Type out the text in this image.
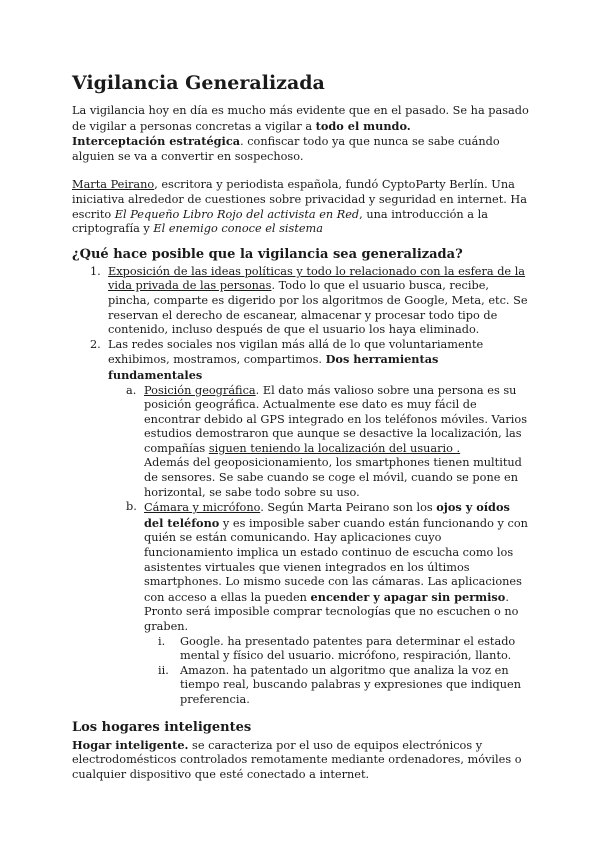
Vigilancia Generalizada

La vigilancia hoy en día es mucho más evidente que en el pasado. Se ha pasado de vigilar a personas concretas a vigilar a todo el mundo.
Interceptación estratégica. confiscar todo ya que nunca se sabe cuándo alguien se va a convertir en sospechoso.

Marta Peirano, escritora y periodista española, fundó CyptoParty Berlín. Una iniciativa alrededor de cuestiones sobre privacidad y seguridad en internet. Ha escrito El Pequeño Libro Rojo del activista en Red, una introducción a la criptografía y El enemigo conoce el sistema

¿Qué hace posible que la vigilancia sea generalizada?
1. Exposición de las ideas políticas y todo lo relacionado con la esfera de la vida privada de las personas. Todo lo que el usuario busca, recibe, pincha, comparte es digerido por los algoritmos de Google, Meta, etc. Se reservan el derecho de escanear, almacenar y procesar todo tipo de contenido, incluso después de que el usuario los haya eliminado.
2. Las redes sociales nos vigilan más allá de lo que voluntariamente exhibimos, mostramos, compartimos. Dos herramientas fundamentales
a. Posición geográfica. El dato más valioso sobre una persona es su posición geográfica. Actualmente ese dato es muy fácil de encontrar debido al GPS integrado en los teléfonos móviles. Varios estudios demostraron que aunque se desactive la localización, las compañías siguen teniendo la localización del usuario .
Además del geoposicionamiento, los smartphones tienen multitud de sensores. Se sabe cuando se coge el móvil, cuando se pone en horizontal, se sabe todo sobre su uso.
b. Cámara y micrófono. Según Marta Peirano son los ojos y oídos del teléfono y es imposible saber cuando están funcionando y con quién se están comunicando. Hay aplicaciones cuyo funcionamiento implica un estado continuo de escucha como los asistentes virtuales que vienen integrados en los últimos smartphones. Lo mismo sucede con las cámaras. Las aplicaciones con acceso a ellas la pueden encender y apagar sin permiso. Pronto será imposible comprar tecnologías que no escuchen o no graben.
i. Google. ha presentado patentes para determinar el estado mental y físico del usuario. micrófono, respiración, llanto.
ii. Amazon. ha patentado un algoritmo que analiza la voz en tiempo real, buscando palabras y expresiones que indiquen preferencia.
Los hogares inteligentes

Hogar inteligente. se caracteriza por el uso de equipos electrónicos y electrodomésticos controlados remotamente mediante ordenadores, móviles o cualquier dispositivo que esté conectado a internet.
